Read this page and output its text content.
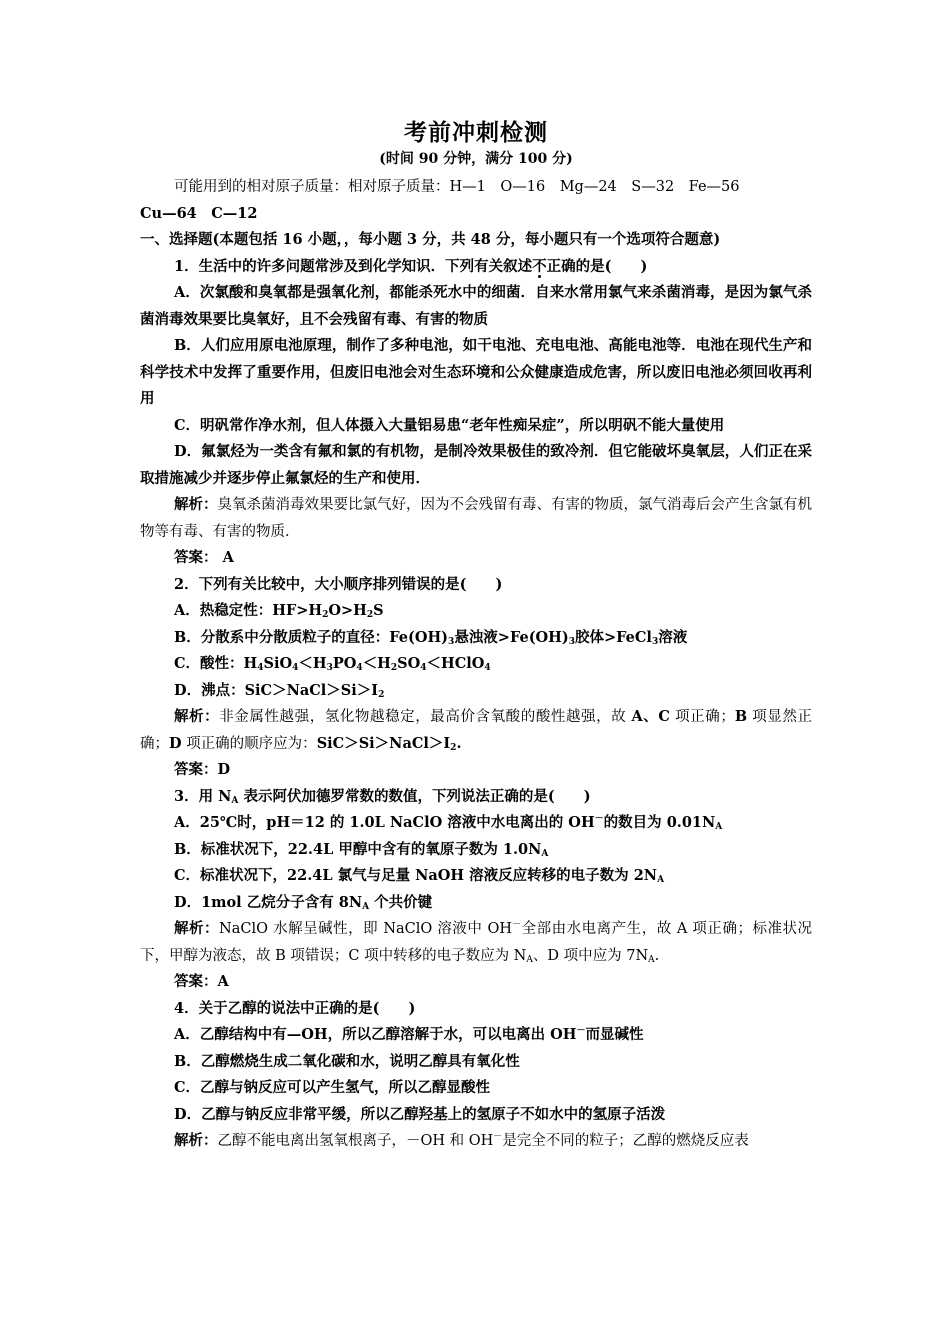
考前冲刺检测
(时间 90 分钟，满分 100 分)

可能用到的相对原子质量：相对原子质量：H—1　O—16　Mg—24　S—32　Fe—56

Cu—64　C—12

一、选择题(本题包括 16 小题，，每小题 3 分，共 48 分，每小题只有一个选项符合题意)

1．生活中的许多问题常涉及到化学知识．下列有关叙述不正确的是(　　)

A．次氯酸和臭氧都是强氧化剂，都能杀死水中的细菌．自来水常用氯气来杀菌消毒，是因为氯气杀菌消毒效果要比臭氧好，且不会残留有毒、有害的物质

B．人们应用原电池原理，制作了多种电池，如干电池、充电电池、高能电池等．电池在现代生产和科学技术中发挥了重要作用，但废旧电池会对生态环境和公众健康造成危害，所以废旧电池必须回收再利用

C．明矾常作净水剂，但人体摄入大量铝易患“老年性痴呆症”，所以明矾不能大量使用

D．氟氯烃为一类含有氟和氯的有机物，是制冷效果极佳的致冷剂．但它能破坏臭氧层，人们正在采取措施减少并逐步停止氟氯烃的生产和使用．

解析：臭氧杀菌消毒效果要比氯气好，因为不会残留有毒、有害的物质，氯气消毒后会产生含氯有机物等有毒、有害的物质．

答案： A

2．下列有关比较中，大小顺序排列错误的是(　　)

A．热稳定性：$HF>H_2O>H_2S$

B．分散系中分散质粒子的直径：$Fe(OH)_3$悬浊液$>Fe(OH)_3$胶体>FeCl$_3$溶液

C．酸性：$H_4SiO_4<H_3PO_4<H_2SO_4<HClO_4$

D．沸点：$SiC>NaCl>Si>I_2$

解析：非金属性越强，氢化物越稳定，最高价含氧酸的酸性越强，故 A、C 项正确；B 项显然正确；D 项正确的顺序应为：$SiC>Si>NaCl>I_2$.

答案：D

3．用 $N_A$ 表示阿伏加德罗常数的数值，下列说法正确的是(　　)

A．25℃时，pH＝12 的 1.0L NaClO 溶液中水电离出的 OH－的数目为 $0.01N_A$

B．标准状况下，22.4L 甲醇中含有的氧原子数为 $1.0N_A$

C．标准状况下，22.4L 氯气与足量 NaOH 溶液反应转移的电子数为 $2N_A$

D．1mol 乙烷分子含有 $8N_A$ 个共价键

解析：NaClO 水解呈碱性，即 NaClO 溶液中 OH－全部由水电离产生，故 A 项正确；标准状况下，甲醇为液态，故 B 项错误；C 项中转移的电子数应为 $N_A$、D 项中应为 $7N_A$.

答案：A

4．关于乙醇的说法中正确的是(　　)

A．乙醇结构中有—OH，所以乙醇溶解于水，可以电离出 OH－而显碱性

B．乙醇燃烧生成二氧化碳和水，说明乙醇具有氧化性

C．乙醇与钠反应可以产生氢气，所以乙醇显酸性

D．乙醇与钠反应非常平缓，所以乙醇羟基上的氢原子不如水中的氢原子活泼

解析：乙醇不能电离出氢氧根离子，－OH 和 OH－是完全不同的粒子；乙醇的燃烧反应表
